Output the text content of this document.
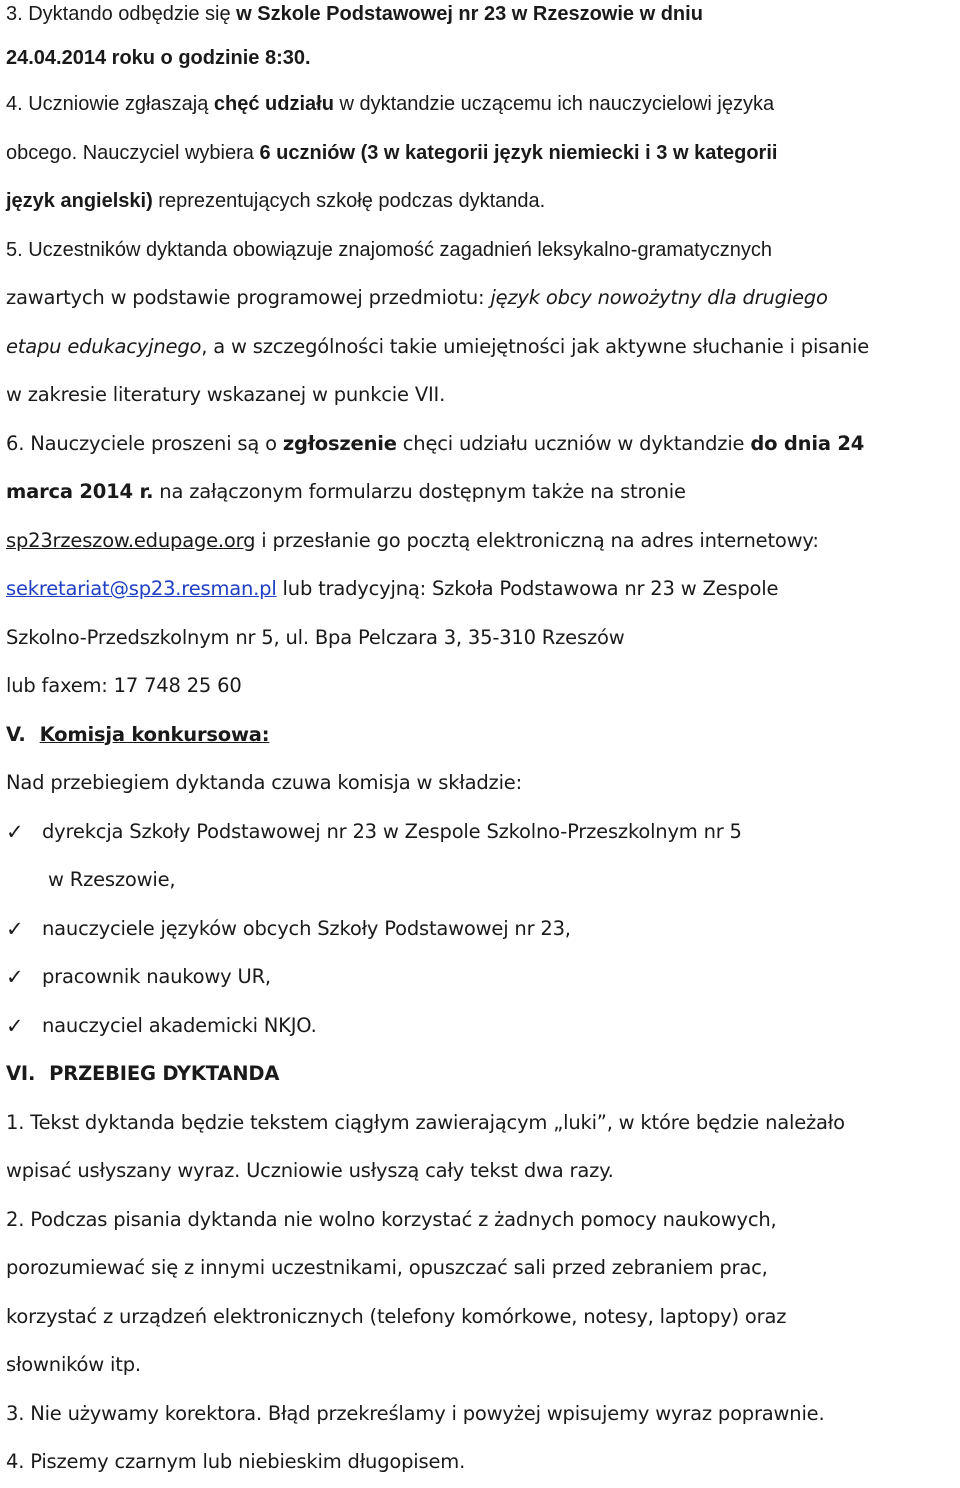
3. Dyktando odbędzie się w Szkole Podstawowej nr 23 w Rzeszowie w dniu
24.04.2014 roku o godzinie 8:30.
4. Uczniowie zgłaszają chęć udziału w dyktandzie uczącemu ich nauczycielowi języka
obcego. Nauczyciel wybiera 6 uczniów (3 w kategorii język niemiecki i 3 w kategorii
język angielski) reprezentujących szkołę podczas dyktanda.
5. Uczestników dyktanda obowiązuje znajomość zagadnień leksykalno-gramatycznych
zawartych w podstawie programowej przedmiotu: język obcy nowożytny dla drugiego
etapu edukacyjnego, a w szczególności takie umiejętności jak aktywne słuchanie i pisanie
w zakresie literatury wskazanej w punkcie VII.
6. Nauczyciele proszeni są o zgłoszenie chęci udziału uczniów w dyktandzie do dnia 24
marca 2014 r. na załączonym formularzu dostępnym także na stronie
sp23rzeszow.edupage.org i przesłanie go pocztą elektroniczną na adres internetowy:
sekretariat@sp23.resman.pl lub tradycyjną: Szkoła Podstawowa nr 23 w Zespole
Szkolno-Przedszkolnym nr 5, ul. Bpa Pelczara 3, 35-310 Rzeszów
lub faxem: 17 748 25 60
V. Komisja konkursowa:
Nad przebiegiem dyktanda czuwa komisja w składzie:
✓ dyrekcja Szkoły Podstawowej nr 23 w Zespole Szkolno-Przeszkolnym nr 5
w Rzeszowie,
✓ nauczyciele języków obcych Szkoły Podstawowej nr 23,
✓ pracownik naukowy UR,
✓ nauczyciel akademicki NKJO.
VI. PRZEBIEG DYKTANDA
1. Tekst dyktanda będzie tekstem ciągłym zawierającym „luki”, w które będzie należało
wpisać usłyszany wyraz. Uczniowie usłyszą cały tekst dwa razy.
2. Podczas pisania dyktanda nie wolno korzystać z żadnych pomocy naukowych,
porozumiewać się z innymi uczestnikami, opuszczać sali przed zebraniem prac,
korzystać z urządzeń elektronicznych (telefony komórkowe, notesy, laptopy) oraz
słowników itp.
3. Nie używamy korektora. Błąd przekreślamy i powyżej wpisujemy wyraz poprawnie.
4. Piszemy czarnym lub niebieskim długopisem.
